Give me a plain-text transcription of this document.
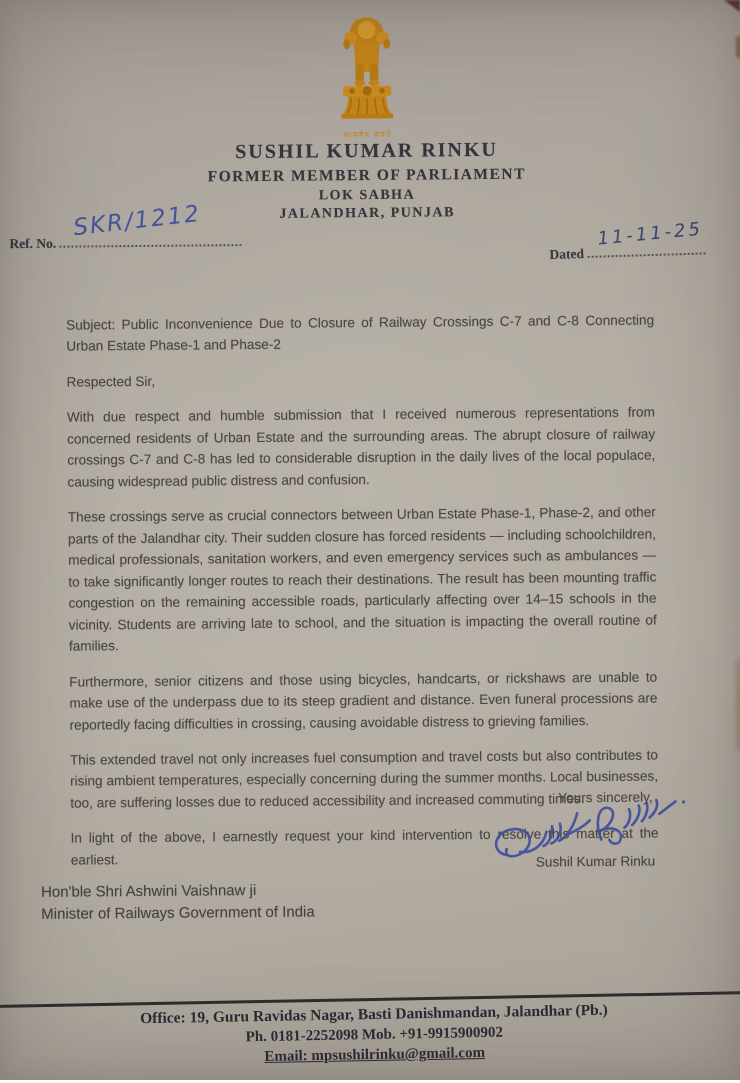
सत्यमेव जयते
SUSHIL KUMAR RINKU
FORMER MEMBER OF PARLIAMENT
LOK SABHA
JALANDHAR, PUNJAB
Ref. No.
SKR/1212
Dated
11-11-25

Subject: Public Inconvenience Due to Closure of Railway Crossings C-7 and C-8 Connecting Urban Estate Phase-1 and Phase-2

Respected Sir,

With due respect and humble submission that I received numerous representations from concerned residents of Urban Estate and the surrounding areas. The abrupt closure of railway crossings C-7 and C-8 has led to considerable disruption in the daily lives of the local populace, causing widespread public distress and confusion.

These crossings serve as crucial connectors between Urban Estate Phase-1, Phase-2, and other parts of the Jalandhar city. Their sudden closure has forced residents — including schoolchildren, medical professionals, sanitation workers, and even emergency services such as ambulances — to take significantly longer routes to reach their destinations. The result has been mounting traffic congestion on the remaining accessible roads, particularly affecting over 14–15 schools in the vicinity. Students are arriving late to school, and the situation is impacting the overall routine of families.

Furthermore, senior citizens and those using bicycles, handcarts, or rickshaws are unable to make use of the underpass due to its steep gradient and distance. Even funeral processions are reportedly facing difficulties in crossing, causing avoidable distress to grieving families.

This extended travel not only increases fuel consumption and travel costs but also contributes to rising ambient temperatures, especially concerning during the summer months. Local businesses, too, are suffering losses due to reduced accessibility and increased commuting times.

In light of the above, I earnestly request your kind intervention to resolve this matter at the earliest.

Yours sincerely,
Sushil Kumar Rinku
Hon'ble Shri Ashwini Vaishnaw ji
Minister of Railways Government of India
Office: 19, Guru Ravidas Nagar, Basti Danishmandan, Jalandhar (Pb.)
Ph. 0181-2252098 Mob. +91-9915900902
Email: mpsushilrinku@gmail.com
